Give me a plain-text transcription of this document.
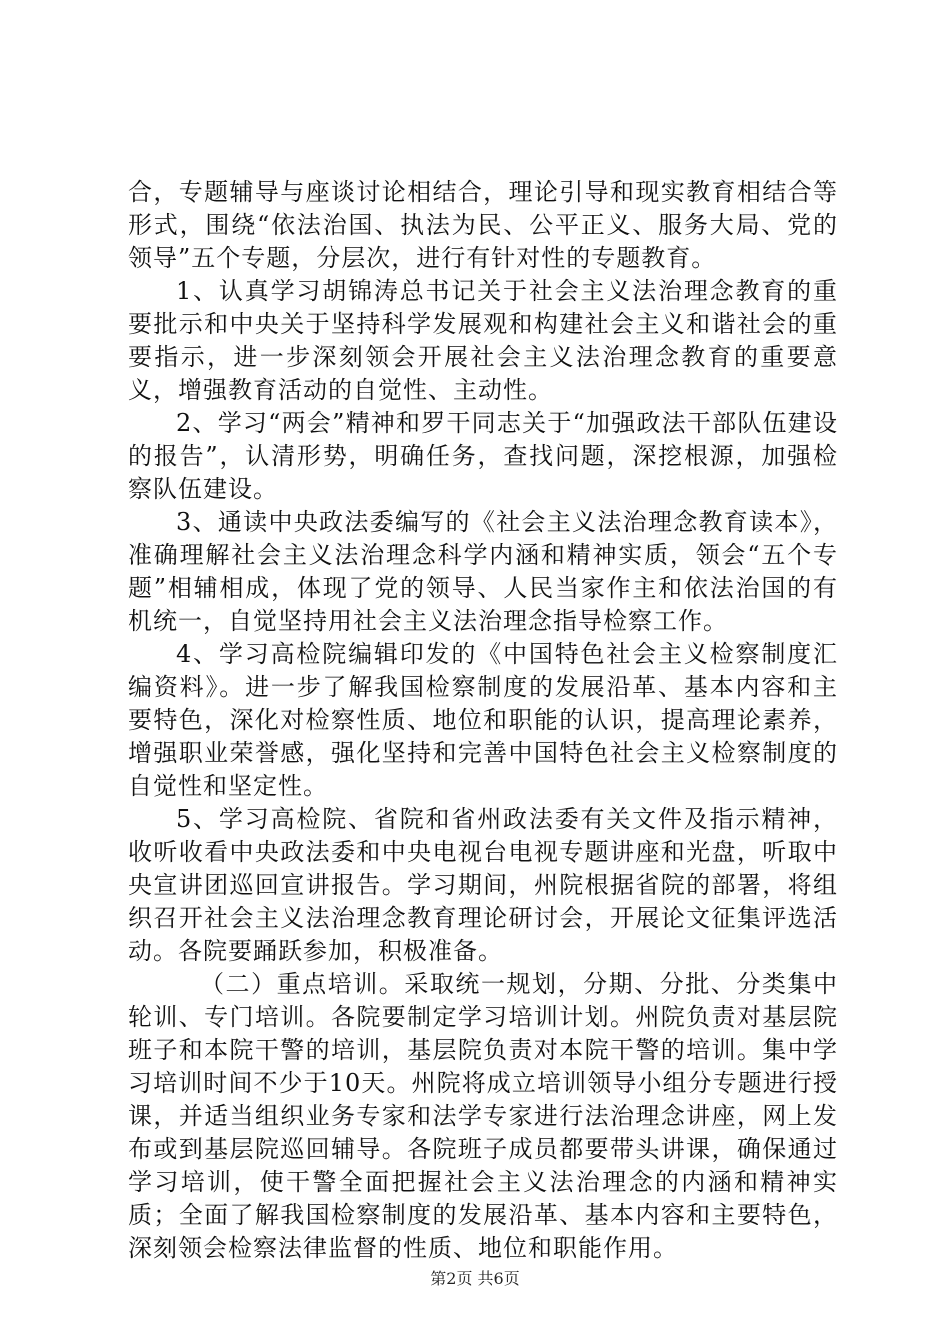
合，专题辅导与座谈讨论相结合，理论引导和现实教育相结合等形式，围绕“依法治国、执法为民、公平正义、服务大局、党的领导”五个专题，分层次，进行有针对性的专题教育。

1、认真学习胡锦涛总书记关于社会主义法治理念教育的重要批示和中央关于坚持科学发展观和构建社会主义和谐社会的重要指示，进一步深刻领会开展社会主义法治理念教育的重要意义，增强教育活动的自觉性、主动性。

2、学习“两会”精神和罗干同志关于“加强政法干部队伍建设的报告”，认清形势，明确任务，查找问题，深挖根源，加强检察队伍建设。

3、通读中央政法委编写的《社会主义法治理念教育读本》，准确理解社会主义法治理念科学内涵和精神实质，领会“五个专题”相辅相成，体现了党的领导、人民当家作主和依法治国的有机统一，自觉坚持用社会主义法治理念指导检察工作。

4、学习高检院编辑印发的《中国特色社会主义检察制度汇编资料》。进一步了解我国检察制度的发展沿革、基本内容和主要特色，深化对检察性质、地位和职能的认识，提高理论素养，增强职业荣誉感，强化坚持和完善中国特色社会主义检察制度的自觉性和坚定性。

5、学习高检院、省院和省州政法委有关文件及指示精神，收听收看中央政法委和中央电视台电视专题讲座和光盘，听取中央宣讲团巡回宣讲报告。学习期间，州院根据省院的部署，将组织召开社会主义法治理念教育理论研讨会，开展论文征集评选活动。各院要踊跃参加，积极准备。

（二）重点培训。采取统一规划，分期、分批、分类集中轮训、专门培训。各院要制定学习培训计划。州院负责对基层院班子和本院干警的培训，基层院负责对本院干警的培训。集中学习培训时间不少于10天。州院将成立培训领导小组分专题进行授课，并适当组织业务专家和法学专家进行法治理念讲座，网上发布或到基层院巡回辅导。各院班子成员都要带头讲课，确保通过学习培训，使干警全面把握社会主义法治理念的内涵和精神实质；全面了解我国检察制度的发展沿革、基本内容和主要特色，深刻领会检察法律监督的性质、地位和职能作用。

第2页 共6页
